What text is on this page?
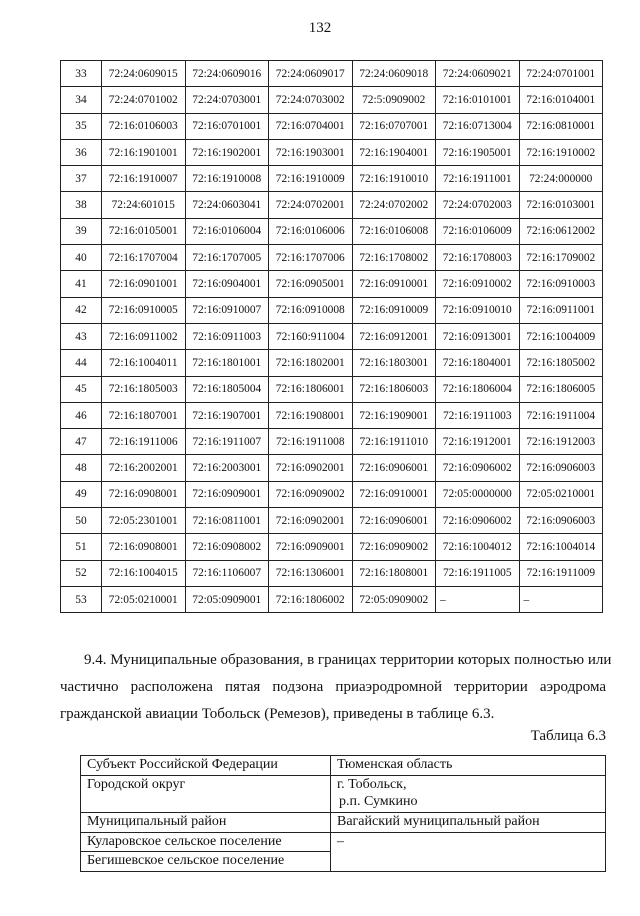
132
33	72:24:0609015	72:24:0609016	72:24:0609017	72:24:0609018	72:24:0609021	72:24:0701001
34	72:24:0701002	72:24:0703001	72:24:0703002	72:5:0909002	72:16:0101001	72:16:0104001
35	72:16:0106003	72:16:0701001	72:16:0704001	72:16:0707001	72:16:0713004	72:16:0810001
36	72:16:1901001	72:16:1902001	72:16:1903001	72:16:1904001	72:16:1905001	72:16:1910002
37	72:16:1910007	72:16:1910008	72:16:1910009	72:16:1910010	72:16:1911001	72:24:000000
38	72:24:601015	72:24:0603041	72:24:0702001	72:24:0702002	72:24:0702003	72:16:0103001
39	72:16:0105001	72:16:0106004	72:16:0106006	72:16:0106008	72:16:0106009	72:16:0612002
40	72:16:1707004	72:16:1707005	72:16:1707006	72:16:1708002	72:16:1708003	72:16:1709002
41	72:16:0901001	72:16:0904001	72:16:0905001	72:16:0910001	72:16:0910002	72:16:0910003
42	72:16:0910005	72:16:0910007	72:16:0910008	72:16:0910009	72:16:0910010	72:16:0911001
43	72:16:0911002	72:16:0911003	72:160:911004	72:16:0912001	72:16:0913001	72:16:1004009
44	72:16:1004011	72:16:1801001	72:16:1802001	72:16:1803001	72:16:1804001	72:16:1805002
45	72:16:1805003	72:16:1805004	72:16:1806001	72:16:1806003	72:16:1806004	72:16:1806005
46	72:16:1807001	72:16:1907001	72:16:1908001	72:16:1909001	72:16:1911003	72:16:1911004
47	72:16:1911006	72:16:1911007	72:16:1911008	72:16:1911010	72:16:1912001	72:16:1912003
48	72:16:2002001	72:16:2003001	72:16:0902001	72:16:0906001	72:16:0906002	72:16:0906003
49	72:16:0908001	72:16:0909001	72:16:0909002	72:16:0910001	72:05:0000000	72:05:0210001
50	72:05:2301001	72:16:0811001	72:16:0902001	72:16:0906001	72:16:0906002	72:16:0906003
51	72:16:0908001	72:16:0908002	72:16:0909001	72:16:0909002	72:16:1004012	72:16:1004014
52	72:16:1004015	72:16:1106007	72:16:1306001	72:16:1808001	72:16:1911005	72:16:1911009
53	72:05:0210001	72:05:0909001	72:16:1806002	72:05:0909002	–	–
9.4. Муниципальные образования, в границах территории которых полностью или
частично расположена пятая подзона приаэродромной территории аэродрома
гражданской авиации Тобольск (Ремезов), приведены в таблице 6.3.
Таблица 6.3
Субъект Российской Федерации	Тюменская область
Городской округ	г. Тобольск,
р.п. Сумкино

Муниципальный район	Вагайский муниципальный район

Куларовское сельское поселение
Бегишевское сельское поселение	–
